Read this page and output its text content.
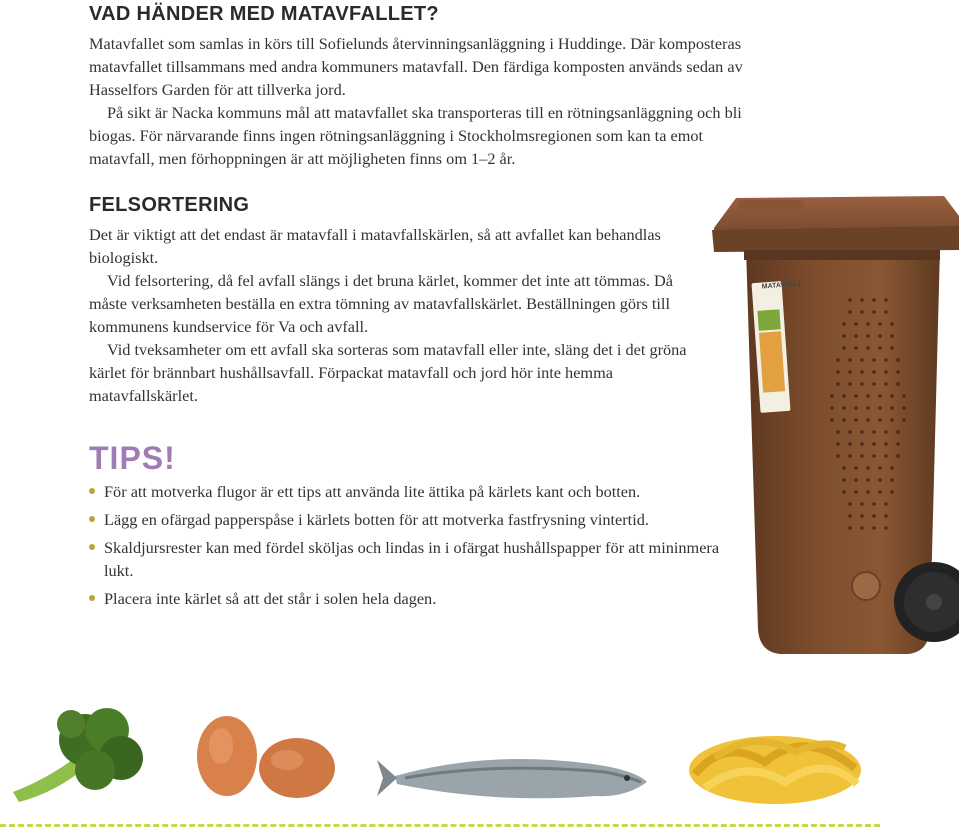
VAD HÄNDER MED MATAVFALLET?

Matavfallet som samlas in körs till Sofielunds återvinningsanläggning i Huddinge. Där komposteras matavfallet tillsammans med andra kommuners matavfall. Den färdiga komposten används sedan av Hasselfors Garden för att tillverka jord.

På sikt är Nacka kommuns mål att matavfallet ska transporteras till en rötningsanläggning och bli biogas. För närvarande finns ingen rötningsanläggning i Stockholmsregionen som kan ta emot matavfall, men förhoppningen är att möjligheten finns om 1–2 år.

FELSORTERING

Det är viktigt att det endast är matavfall i matavfallskärlen, så att avfallet kan behandlas biologiskt.

Vid felsortering, då fel avfall slängs i det bruna kärlet, kommer det inte att tömmas. Då måste verksamheten beställa en extra tömning av matavfallskärlet. Beställningen görs till kommunens kundservice för Va och avfall.

Vid tveksamheter om ett avfall ska sorteras som matavfall eller inte, släng det i det gröna kärlet för brännbart hushållsavfall. Förpackat matavfall och jord hör inte hemma matavfallskärlet.

TIPS!
För att motverka flugor är ett tips att använda lite ättika på kärlets kant och botten.
Lägg en ofärgad papperspåse i kärlets botten för att motverka fastfrysning vintertid.
Skaldjursrester kan med fördel sköljas och lindas in i ofärgat hushållspapper för att mininmera lukt.
Placera inte kärlet så att det står i solen hela dagen.
MATAVFALL
